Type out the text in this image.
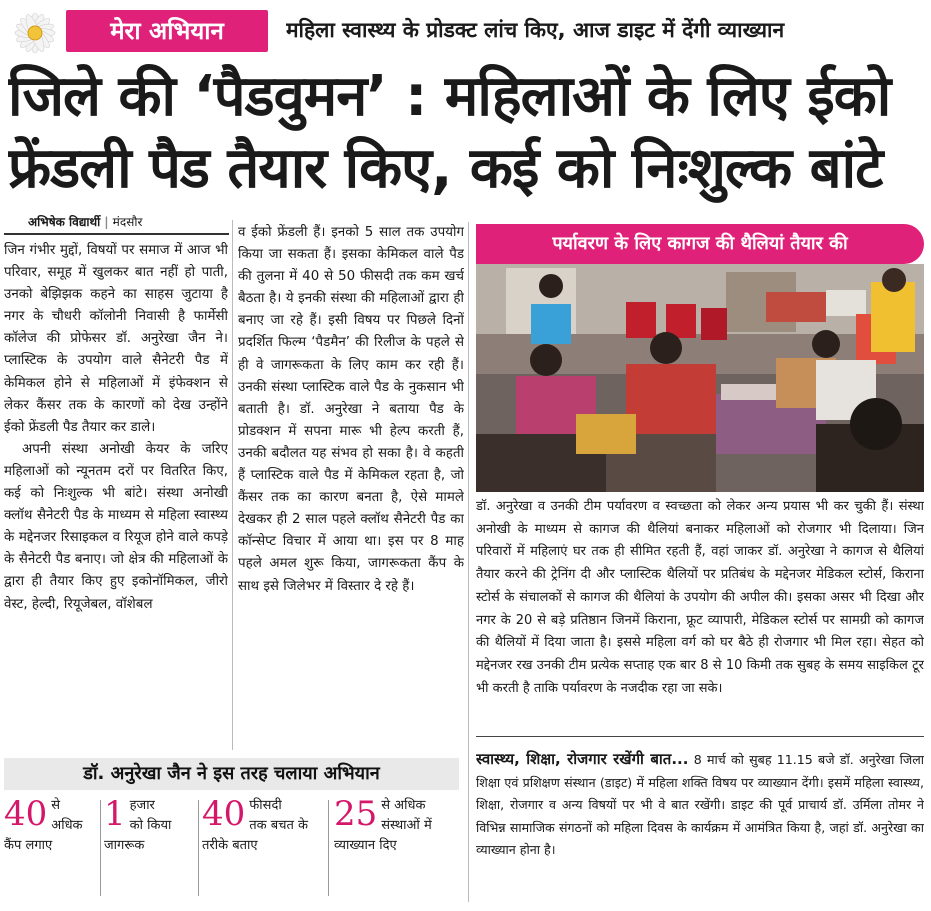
मेरा अभियान	महिला स्वास्थ्य के प्रोडक्ट लांच किए, आज डाइट में देंगी व्याख्यान
जिले की ‘पैडवुमन’ : महिलाओं के लिए ईको
फ्रेंडली पैड तैयार किए, कई को निःशुल्क बांटे
अभिषेक विद्यार्थी | मंदसौर

जिन गंभीर मुद्दों, विषयों पर समाज में आज भी परिवार, समूह में खुलकर बात नहीं हो पाती, उनको बेझिझक कहने का साहस जुटाया है नगर के चौधरी कॉलोनी निवासी है फार्मेसी कॉलेज की प्रोफेसर डॉ. अनुरेखा जैन ने। प्लास्टिक के उपयोग वाले सैनेटरी पैड में केमिकल होने से महिलाओं में इंफेक्शन से लेकर कैंसर तक के कारणों को देख उन्होंने ईको फ्रेंडली पैड तैयार कर डाले।

अपनी संस्था अनोखी केयर के जरिए महिलाओं को न्यूनतम दरों पर वितरित किए, कई को निःशुल्क भी बांटे। संस्था अनोखी क्लॉथ सैनेटरी पैड के माध्यम से महिला स्वास्थ्य के मद्देनजर रिसाइकल व रियूज होने वाले कपड़े के सैनेटरी पैड बनाए। जो क्षेत्र की महिलाओं के द्वारा ही तैयार किए हुए इकोनॉमिकल, जीरो वेस्ट, हेल्दी, रियूजेबल, वॉशेबल

व ईको फ्रेंडली हैं। इनको 5 साल तक उपयोग किया जा सकता हैं। इसका केमिकल वाले पैड की तुलना में 40 से 50 फीसदी तक कम खर्च बैठता है। ये इनकी संस्था की महिलाओं द्वारा ही बनाए जा रहे हैं। इसी विषय पर पिछले दिनों प्रदर्शित फिल्म ‘पैडमैन’ की रिलीज के पहले से ही वे जागरूकता के लिए काम कर रही हैं। उनकी संस्था प्लास्टिक वाले पैड के नुकसान भी बताती है। डॉ. अनुरेखा ने बताया पैड के प्रोडक्शन में सपना मारू भी हेल्प करती हैं, उनकी बदौलत यह संभव हो सका है। वे कहती हैं प्लास्टिक वाले पैड में केमिकल रहता है, जो कैंसर तक का कारण बनता है, ऐसे मामले देखकर ही 2 साल पहले क्लॉथ सैनेटरी पैड का कॉन्सेप्ट विचार में आया था। इस पर 8 माह पहले अमल शुरू किया, जागरूकता कैंप के साथ इसे जिलेभर में विस्तार दे रहे हैं।

पर्यावरण के लिए कागज की थैलियां तैयार की
डॉ. अनुरेखा व उनकी टीम पर्यावरण व स्वच्छता को लेकर अन्य प्रयास भी कर चुकी हैं। संस्था अनोखी के माध्यम से कागज की थैलियां बनाकर महिलाओं को रोजगार भी दिलाया। जिन परिवारों में महिलाएं घर तक ही सीमित रहती हैं, वहां जाकर डॉ. अनुरेखा ने कागज से थैलियां तैयार करने की ट्रेनिंग दी और प्लास्टिक थैलियों पर प्रतिबंध के मद्देनजर मेडिकल स्टोर्स, किराना स्टोर्स के संचालकों से कागज की थैलियां के उपयोग की अपील की। इसका असर भी दिखा और नगर के 20 से बड़े प्रतिष्ठान जिनमें किराना, फ्रूट व्यापारी, मेडिकल स्टोर्स पर सामग्री को कागज की थैलियों में दिया जाता है। इससे महिला वर्ग को घर बैठे ही रोजगार भी मिल रहा। सेहत को मद्देनजर रख उनकी टीम प्रत्येक सप्ताह एक बार 8 से 10 किमी तक सुबह के समय साइकिल टूर भी करती है ताकि पर्यावरण के नजदीक रहा जा सके।
स्वास्थ्य, शिक्षा, रोजगार रखेंगी बात... 8 मार्च को सुबह 11.15 बजे डॉ. अनुरेखा जिला शिक्षा एवं प्रशिक्षण संस्थान (डाइट) में महिला शक्ति विषय पर व्याख्यान देंगी। इसमें महिला स्वास्थ्य, शिक्षा, रोजगार व अन्य विषयों पर भी वे बात रखेंगी। डाइट की पूर्व प्राचार्य डॉ. उर्मिला तोमर ने विभिन्न सामाजिक संगठनों को महिला दिवस के कार्यक्रम में आमंत्रित किया है, जहां डॉ. अनुरेखा का व्याख्यान होना है।
डॉ. अनुरेखा जैन ने इस तरह चलाया अभियान
40 से
अधिक
कैंप लगाए
1 हजार
को किया
जागरूक
40 फीसदी
तक बचत के
तरीके बताए
25 से अधिक
संस्थाओं में
व्याख्यान दिए
